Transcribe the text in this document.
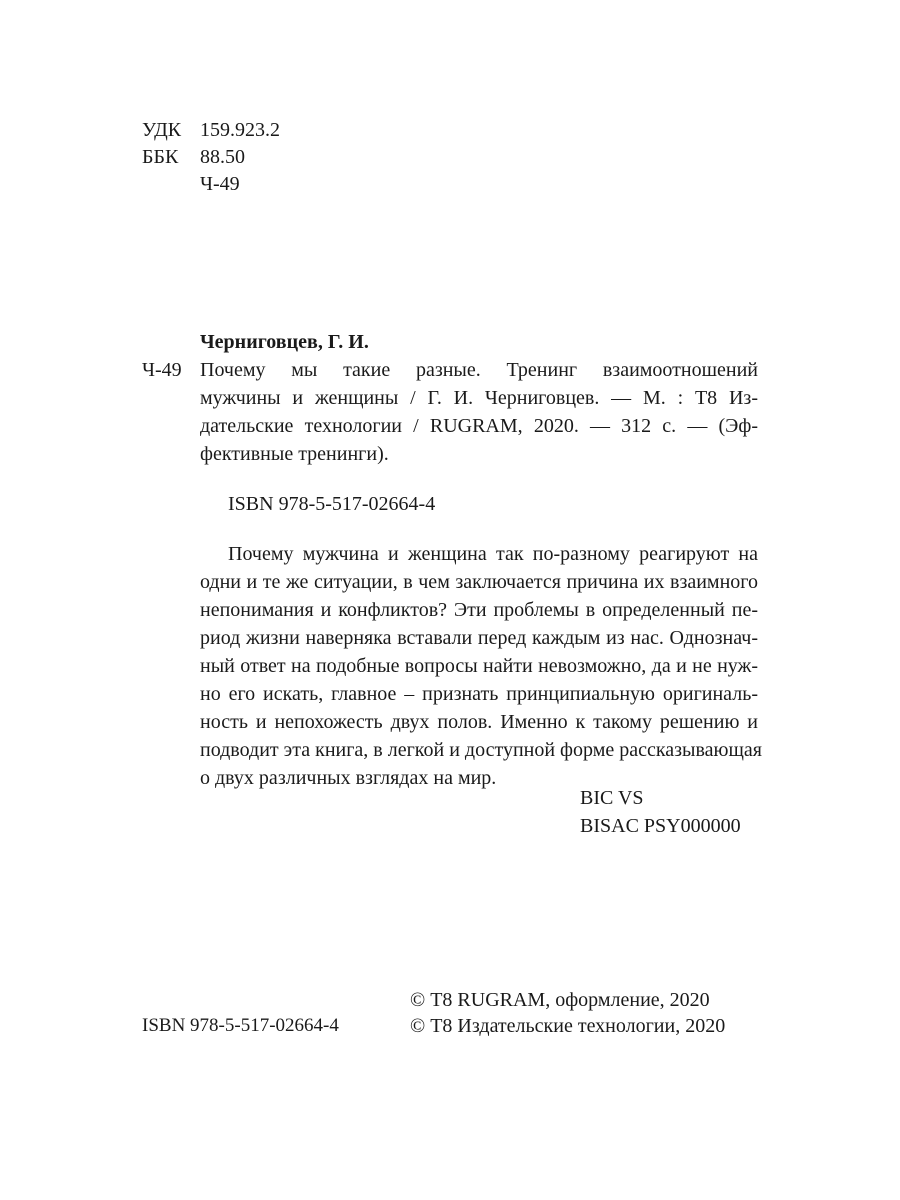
УДК 159.923.2
ББК 88.50
Ч-49
Черниговцев, Г. И.
Ч-49 Почему мы такие разные. Тренинг взаимоотношений
мужчины и женщины / Г. И. Черниговцев. — М. : Т8 Из-
дательские технологии / RUGRAM, 2020. — 312 с. — (Эф-
фективные тренинги).
ISBN 978-5-517-02664-4
Почему мужчина и женщина так по-разному реагируют на
одни и те же ситуации, в чем заключается причина их взаимного
непонимания и конфликтов? Эти проблемы в определенный пе-
риод жизни наверняка вставали перед каждым из нас. Однознач-
ный ответ на подобные вопросы найти невозможно, да и не нуж-
но его искать, главное – признать принципиальную оригиналь-
ность и непохожесть двух полов. Именно к такому решению и
подводит эта книга, в легкой и доступной форме рассказывающая
о двух различных взглядах на мир.
BIC VS
BISAC PSY000000
© Т8 RUGRAM, оформление, 2020
© Т8 Издательские технологии, 2020
ISBN 978-5-517-02664-4
